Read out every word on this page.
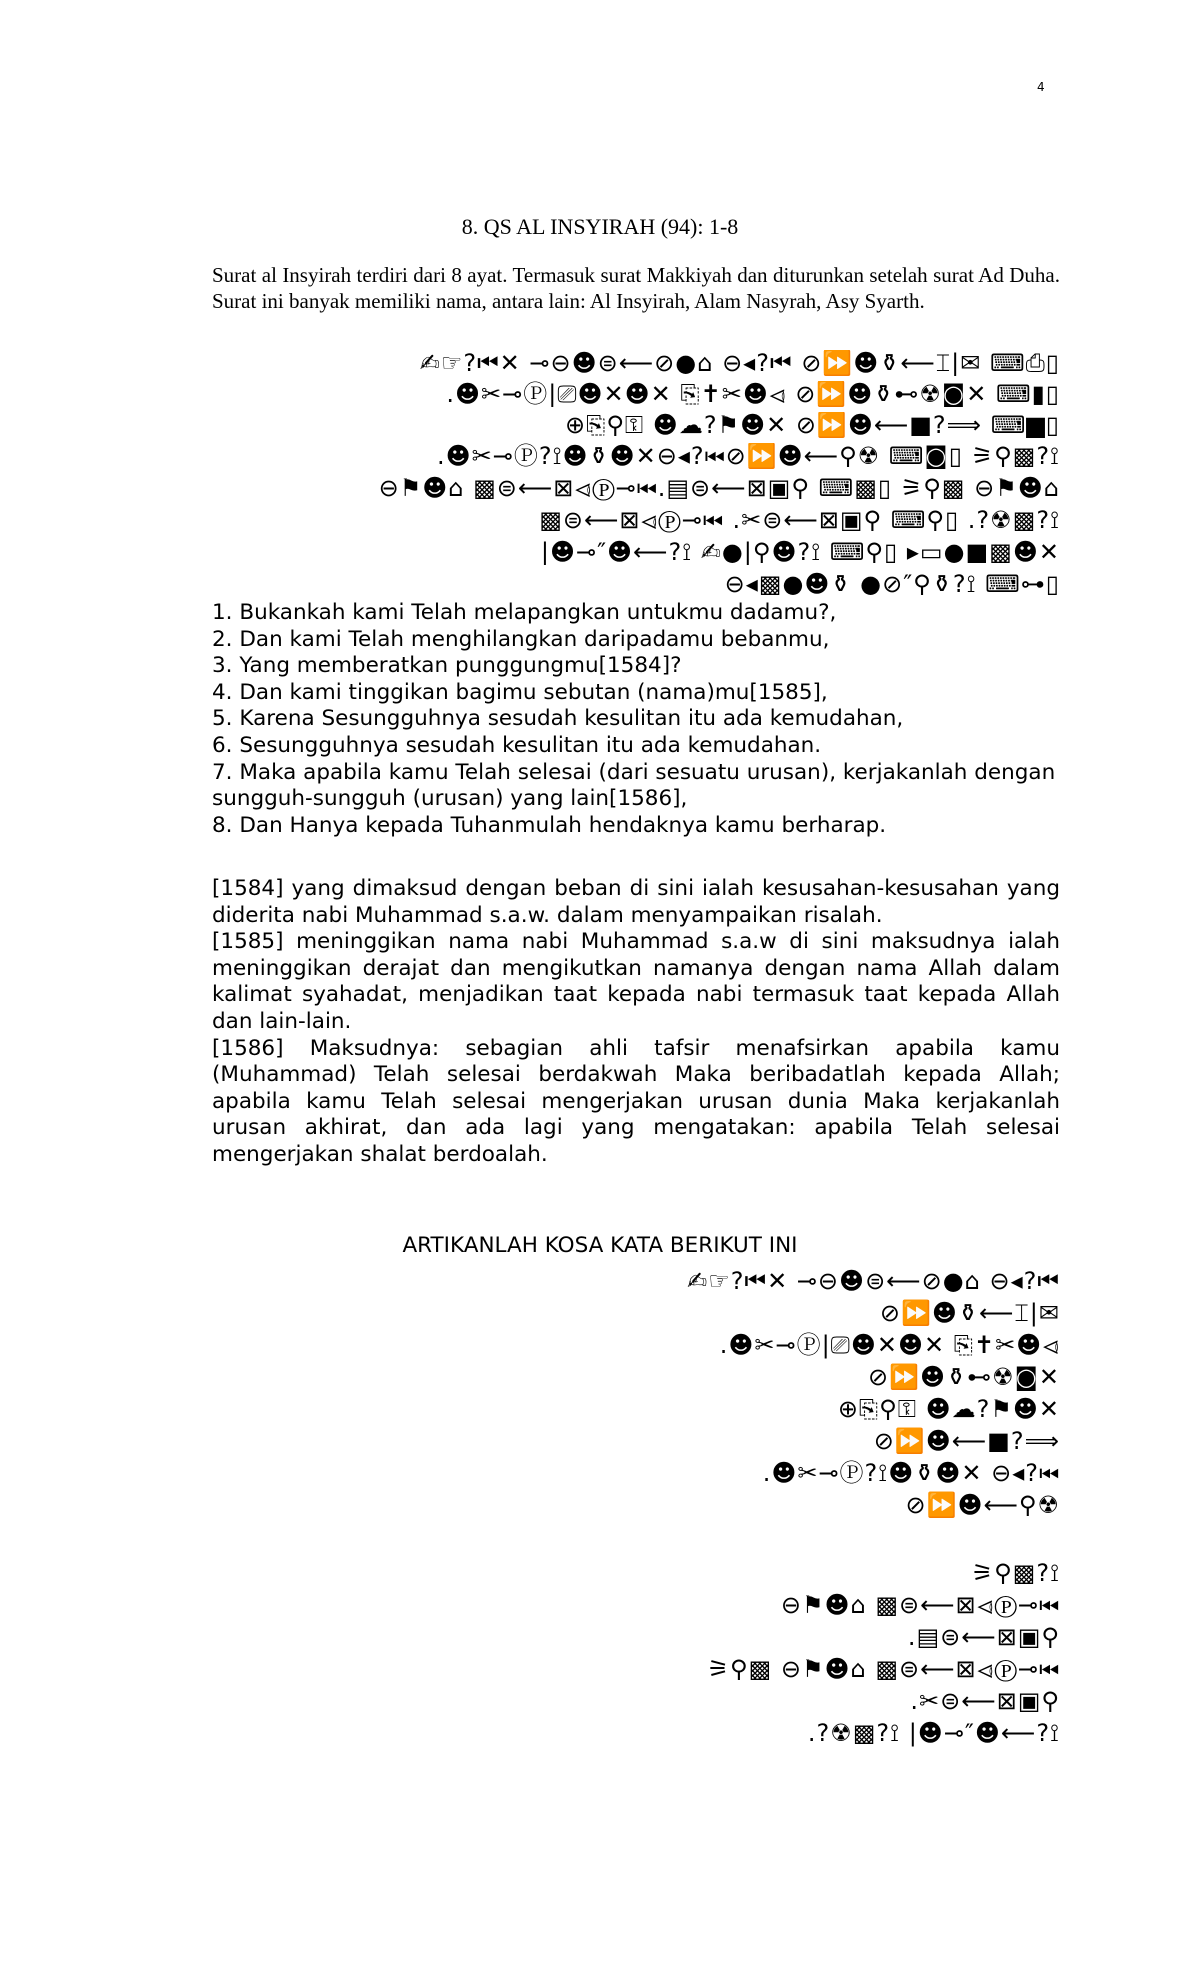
4
8. QS AL INSYIRAH (94): 1-8
Surat al Insyirah terdiri dari 8 ayat. Termasuk surat Makkiyah dan diturunkan setelah surat Ad Duha. Surat ini banyak memiliki nama, antara lain: Al Insyirah, Alam Nasyrah, Asy Syarth.
✍☞?⏮✕ ⊸⊖☻⊜⟵⊘●⌂ ⊖◂?⏮ ⊘⏩☻⚱⟵⌶|✉ ⌨⎙▯
.☻✂⊸Ⓟ|⎚☻✕☻✕ ⎘✝✂☻⏿ ⊘⏩☻⚱⊷☢◙✕ ⌨▮▯
⊕⎘⚲⚿ ☻☁?⚑☻✕ ⊘⏩☻⟵■?⟹ ⌨▆▯
.☻✂⊸Ⓟ?⟟☻⚱☻✕⊖◂?⏮⊘⏩☻⟵⚲☢ ⌨◙▯ ⚞⚲▩?⟟
⊖⚑☻⌂ ▩⊜⟵⊠⏿Ⓟ⊸⏮.▤⊜⟵⊠▣⚲ ⌨▩▯ ⚞⚲▩ ⊖⚑☻⌂
▩⊜⟵⊠⏿Ⓟ⊸⏮ .✂⊜⟵⊠▣⚲ ⌨⚲▯ .?☢▩?⟟
|☻⊸″☻⟵?⟟ ✍●|⚲☻?⟟ ⌨⚲▯ ▸▭●■▩☻✕
⊖◂▩●☻⚱ ●⊘″⚲⚱?⟟ ⌨⊶▯

1. Bukankah kami Telah melapangkan untukmu dadamu?,

2. Dan kami Telah menghilangkan daripadamu bebanmu,

3. Yang memberatkan punggungmu[1584]?

4. Dan kami tinggikan bagimu sebutan (nama)mu[1585],

5. Karena Sesungguhnya sesudah kesulitan itu ada kemudahan,

6. Sesungguhnya sesudah kesulitan itu ada kemudahan.

7. Maka apabila kamu Telah selesai (dari sesuatu urusan), kerjakanlah dengan sungguh-sungguh (urusan) yang lain[1586],

8. Dan Hanya kepada Tuhanmulah hendaknya kamu berharap.

[1584] yang dimaksud dengan beban di sini ialah kesusahan-kesusahan yang diderita nabi Muhammad s.a.w. dalam menyampaikan risalah.

[1585] meninggikan nama nabi Muhammad s.a.w di sini maksudnya ialah meninggikan derajat dan mengikutkan namanya dengan nama Allah dalam kalimat syahadat, menjadikan taat kepada nabi termasuk taat kepada Allah dan lain-lain.

[1586] Maksudnya: sebagian ahli tafsir menafsirkan apabila kamu (Muhammad) Telah selesai berdakwah Maka beribadatlah kepada Allah; apabila kamu Telah selesai mengerjakan urusan dunia Maka kerjakanlah urusan akhirat, dan ada lagi yang mengatakan: apabila Telah selesai mengerjakan shalat berdoalah.

ARTIKANLAH KOSA KATA BERIKUT INI
✍☞?⏮✕ ⊸⊖☻⊜⟵⊘●⌂ ⊖◂?⏮
⊘⏩☻⚱⟵⌶|✉
.☻✂⊸Ⓟ|⎚☻✕☻✕ ⎘✝✂☻⏿
⊘⏩☻⚱⊷☢◙✕
⊕⎘⚲⚿ ☻☁?⚑☻✕
⊘⏩☻⟵■?⟹
.☻✂⊸Ⓟ?⟟☻⚱☻✕ ⊖◂?⏮
⊘⏩☻⟵⚲☢
⚞⚲▩?⟟
⊖⚑☻⌂ ▩⊜⟵⊠⏿Ⓟ⊸⏮
.▤⊜⟵⊠▣⚲
⚞⚲▩ ⊖⚑☻⌂ ▩⊜⟵⊠⏿Ⓟ⊸⏮
.✂⊜⟵⊠▣⚲
.?☢▩?⟟ |☻⊸″☻⟵?⟟
